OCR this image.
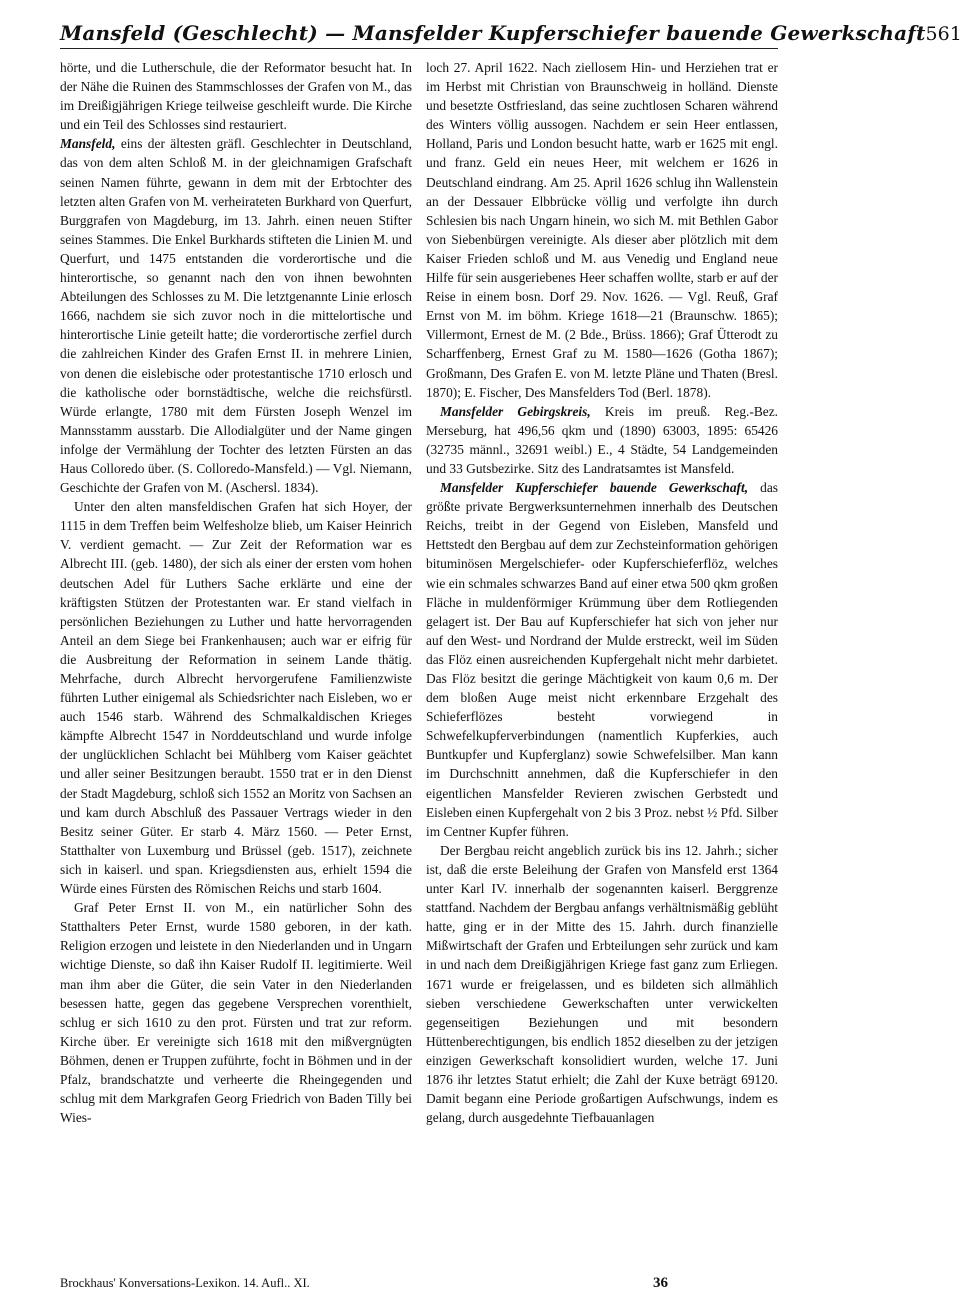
Mansfeld (Geschlecht) — Mansfelder Kupferschiefer bauende Gewerkschaft 561

hörte, und die Lutherschule, die der Reformator besucht hat. In der Nähe die Ruinen des Stammschlosses der Grafen von M., das im Dreißigjährigen Kriege teilweise geschleift wurde. Die Kirche und ein Teil des Schlosses sind restauriert.

Mansfeld, eins der ältesten gräfl. Geschlechter in Deutschland, das von dem alten Schloß M. in der gleichnamigen Grafschaft seinen Namen führte, gewann in dem mit der Erbtochter des letzten alten Grafen von M. verheirateten Burkhard von Querfurt, Burggrafen von Magdeburg, im 13. Jahrh. einen neuen Stifter seines Stammes. Die Enkel Burkhards stifteten die Linien M. und Querfurt, und 1475 entstanden die vorderortische und die hinterortische, so genannt nach den von ihnen bewohnten Abteilungen des Schlosses zu M. Die letztgenannte Linie erlosch 1666, nachdem sie sich zuvor noch in die mittelortische und hinterortische Linie geteilt hatte; die vorderortische zerfiel durch die zahlreichen Kinder des Grafen Ernst II. in mehrere Linien, von denen die eislebische oder protestantische 1710 erlosch und die katholische oder bornstädtische, welche die reichsfürstl. Würde erlangte, 1780 mit dem Fürsten Joseph Wenzel im Mannsstamm ausstarb. Die Allodialgüter und der Name gingen infolge der Vermählung der Tochter des letzten Fürsten an das Haus Colloredo über. (S. Colloredo-Mansfeld.) — Vgl. Niemann, Geschichte der Grafen von M. (Aschersl. 1834).

Unter den alten mansfeldischen Grafen hat sich Hoyer, der 1115 in dem Treffen beim Welfesholze blieb, um Kaiser Heinrich V. verdient gemacht. — Zur Zeit der Reformation war es Albrecht III. (geb. 1480), der sich als einer der ersten vom hohen deutschen Adel für Luthers Sache erklärte und eine der kräftigsten Stützen der Protestanten war. Er stand vielfach in persönlichen Beziehungen zu Luther und hatte hervorragenden Anteil an dem Siege bei Frankenhausen; auch war er eifrig für die Ausbreitung der Reformation in seinem Lande thätig. Mehrfache, durch Albrecht hervorgerufene Familienzwiste führten Luther einigemal als Schiedsrichter nach Eisleben, wo er auch 1546 starb. Während des Schmalkaldischen Krieges kämpfte Albrecht 1547 in Norddeutschland und wurde infolge der unglücklichen Schlacht bei Mühlberg vom Kaiser geächtet und aller seiner Besitzungen beraubt. 1550 trat er in den Dienst der Stadt Magdeburg, schloß sich 1552 an Moritz von Sachsen an und kam durch Abschluß des Passauer Vertrags wieder in den Besitz seiner Güter. Er starb 4. März 1560. — Peter Ernst, Statthalter von Luxemburg und Brüssel (geb. 1517), zeichnete sich in kaiserl. und span. Kriegsdiensten aus, erhielt 1594 die Würde eines Fürsten des Römischen Reichs und starb 1604.

Graf Peter Ernst II. von M., ein natürlicher Sohn des Statthalters Peter Ernst, wurde 1580 geboren, in der kath. Religion erzogen und leistete in den Niederlanden und in Ungarn wichtige Dienste, so daß ihn Kaiser Rudolf II. legitimierte. Weil man ihm aber die Güter, die sein Vater in den Niederlanden besessen hatte, gegen das gegebene Versprechen vorenthielt, schlug er sich 1610 zu den prot. Fürsten und trat zur reform. Kirche über. Er vereinigte sich 1618 mit den mißvergnügten Böhmen, denen er Truppen zuführte, focht in Böhmen und in der Pfalz, brandschatzte und verheerte die Rheingegenden und schlug mit dem Markgrafen Georg Friedrich von Baden Tilly bei Wies-

loch 27. April 1622. Nach ziellosem Hin- und Herziehen trat er im Herbst mit Christian von Braunschweig in holländ. Dienste und besetzte Ostfriesland, das seine zuchtlosen Scharen während des Winters völlig aussogen. Nachdem er sein Heer entlassen, Holland, Paris und London besucht hatte, warb er 1625 mit engl. und franz. Geld ein neues Heer, mit welchem er 1626 in Deutschland eindrang. Am 25. April 1626 schlug ihn Wallenstein an der Dessauer Elbbrücke völlig und verfolgte ihn durch Schlesien bis nach Ungarn hinein, wo sich M. mit Bethlen Gabor von Siebenbürgen vereinigte. Als dieser aber plötzlich mit dem Kaiser Frieden schloß und M. aus Venedig und England neue Hilfe für sein ausgeriebenes Heer schaffen wollte, starb er auf der Reise in einem bosn. Dorf 29. Nov. 1626. — Vgl. Reuß, Graf Ernst von M. im böhm. Kriege 1618—21 (Braunschw. 1865); Villermont, Ernest de M. (2 Bde., Brüss. 1866); Graf Ütterodt zu Scharffenberg, Ernest Graf zu M. 1580—1626 (Gotha 1867); Großmann, Des Grafen E. von M. letzte Pläne und Thaten (Bresl. 1870); E. Fischer, Des Mansfelders Tod (Berl. 1878).

Mansfelder Gebirgskreis, Kreis im preuß. Reg.-Bez. Merseburg, hat 496,56 qkm und (1890) 63003, 1895: 65426 (32735 männl., 32691 weibl.) E., 4 Städte, 54 Landgemeinden und 33 Gutsbezirke. Sitz des Landratsamtes ist Mansfeld.

Mansfelder Kupferschiefer bauende Gewerkschaft, das größte private Bergwerksunternehmen innerhalb des Deutschen Reichs, treibt in der Gegend von Eisleben, Mansfeld und Hettstedt den Bergbau auf dem zur Zechsteinformation gehörigen bituminösen Mergelschiefer- oder Kupferschieferflöz, welches wie ein schmales schwarzes Band auf einer etwa 500 qkm großen Fläche in muldenförmiger Krümmung über dem Rotliegenden gelagert ist. Der Bau auf Kupferschiefer hat sich von jeher nur auf den West- und Nordrand der Mulde erstreckt, weil im Süden das Flöz einen ausreichenden Kupfergehalt nicht mehr darbietet. Das Flöz besitzt die geringe Mächtigkeit von kaum 0,6 m. Der dem bloßen Auge meist nicht erkennbare Erzgehalt des Schieferflözes besteht vorwiegend in Schwefelkupferverbindungen (namentlich Kupferkies, auch Buntkupfer und Kupferglanz) sowie Schwefelsilber. Man kann im Durchschnitt annehmen, daß die Kupferschiefer in den eigentlichen Mansfelder Revieren zwischen Gerbstedt und Eisleben einen Kupfergehalt von 2 bis 3 Proz. nebst ½ Pfd. Silber im Centner Kupfer führen.

Der Bergbau reicht angeblich zurück bis ins 12. Jahrh.; sicher ist, daß die erste Beleihung der Grafen von Mansfeld erst 1364 unter Karl IV. innerhalb der sogenannten kaiserl. Berggrenze stattfand. Nachdem der Bergbau anfangs verhältnismäßig geblüht hatte, ging er in der Mitte des 15. Jahrh. durch finanzielle Mißwirtschaft der Grafen und Erbteilungen sehr zurück und kam in und nach dem Dreißigjährigen Kriege fast ganz zum Erliegen. 1671 wurde er freigelassen, und es bildeten sich allmählich sieben verschiedene Gewerkschaften unter verwickelten gegenseitigen Beziehungen und mit besondern Hüttenberechtigungen, bis endlich 1852 dieselben zu der jetzigen einzigen Gewerkschaft konsolidiert wurden, welche 17. Juni 1876 ihr letztes Statut erhielt; die Zahl der Kuxe beträgt 69120. Damit begann eine Periode großartigen Aufschwungs, indem es gelang, durch ausgedehnte Tiefbauanlagen

Brockhaus' Konversations-Lexikon. 14. Aufl.. XI.	36
